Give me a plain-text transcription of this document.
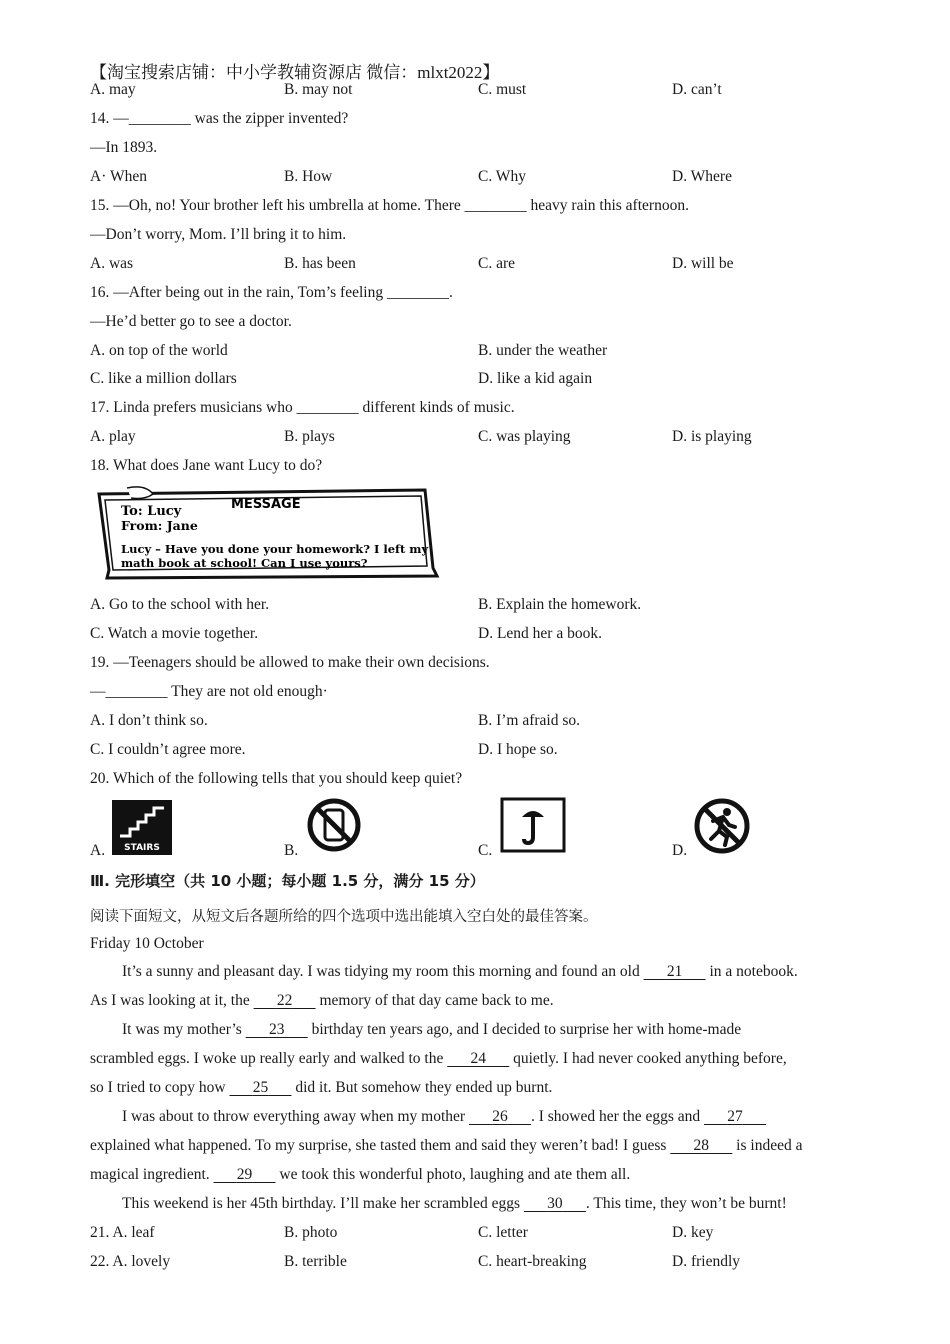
【淘宝搜索店铺：中小学教辅资源店 微信：mlxt2022】
A. may	B. may not	C. must	D. can’t
14. —________ was the zipper invented?
—In 1893.
A· When	B. How	C. Why	D. Where
15. —Oh, no! Your brother left his umbrella at home. There ________ heavy rain this afternoon.
—Don’t worry, Mom. I’ll bring it to him.
A. was	B. has been	C. are	D. will be
16. —After being out in the rain, Tom’s feeling ________.
—He’d better go to see a doctor.
A. on top of the world	B. under the weather
C. like a million dollars	D. like a kid again
17. Linda prefers musicians who ________ different kinds of music.
A. play	B. plays	C. was playing	D. is playing
18. What does Jane want Lucy to do?
MESSAGE
To: Lucy
From: Jane
Lucy – Have you done your homework? I left my
math book at school! Can I use yours?
A. Go to the school with her.	B. Explain the homework.
C. Watch a movie together.	D. Lend her a book.
19. —Teenagers should be allowed to make their own decisions.
—________ They are not old enough·
A. I don’t think so.	B. I’m afraid so.
C. I couldn’t agree more.	D. I hope so.
20. Which of the following tells that you should keep quiet?
A. STAIRS	B.	C.	D.
Ⅲ. 完形填空（共 10 小题；每小题 1.5 分，满分 15 分）
阅读下面短文，从短文后各题所给的四个选项中选出能填入空白处的最佳答案。
Friday 10 October
It’s a sunny and pleasant day. I was tidying my room this morning and found an old    21    in a notebook.
As I was looking at it, the    22    memory of that day came back to me.
It was my mother’s    23    birthday ten years ago, and I decided to surprise her with home-made
scrambled eggs. I woke up really early and walked to the    24    quietly. I had never cooked anything before,
so I tried to copy how    25    did it. But somehow they ended up burnt.
I was about to throw everything away when my mother    26    . I showed her the eggs and    27   
explained what happened. To my surprise, she tasted them and said they weren’t bad! I guess    28    is indeed a
magical ingredient.    29    we took this wonderful photo, laughing and ate them all.
This weekend is her 45th birthday. I’ll make her scrambled eggs    30    . This time, they won’t be burnt!
21. A. leaf	B. photo	C. letter	D. key
22. A. lovely	B. terrible	C. heart-breaking	D. friendly
